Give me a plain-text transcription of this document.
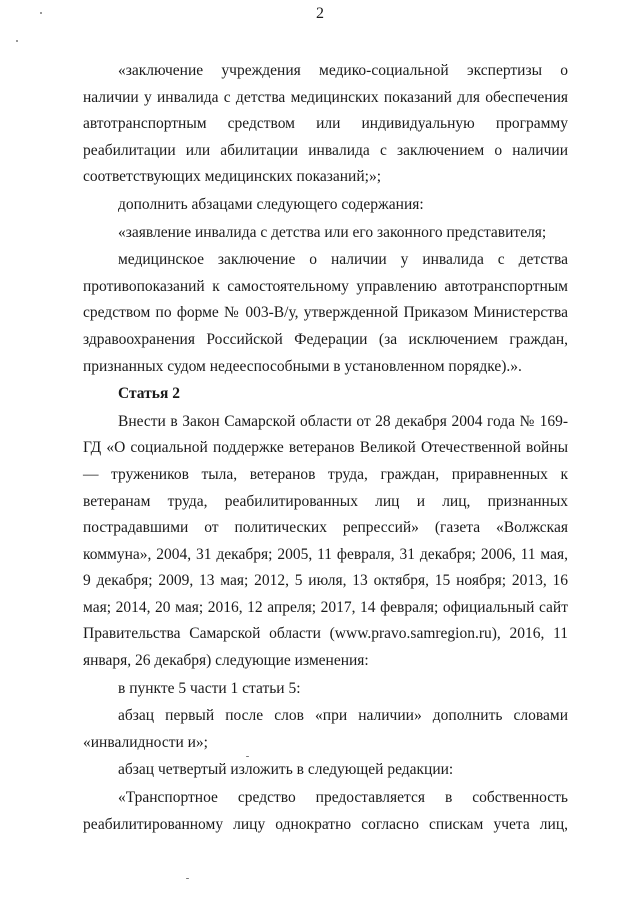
2

«заключение учреждения медико-социальной экспертизы о наличии у инвалида с детства медицинских показаний для обеспечения автотранспортным средством или индивидуальную программу реабилитации или абилитации инвалида с заключением о наличии соответствующих медицинских показаний;»;

дополнить абзацами следующего содержания:

«заявление инвалида с детства или его законного представителя;

медицинское заключение о наличии у инвалида с детства противопоказаний к самостоятельному управлению автотранспортным средством по форме № 003-В/у, утвержденной Приказом Министерства здравоохранения Российской Федерации (за исключением граждан, признанных судом недееспособными в установленном порядке).».

Статья 2

Внести в Закон Самарской области от 28 декабря 2004 года № 169-ГД «О социальной поддержке ветеранов Великой Отечественной войны — тружеников тыла, ветеранов труда, граждан, приравненных к ветеранам труда, реабилитированных лиц и лиц, признанных пострадавшими от политических репрессий» (газета «Волжская коммуна», 2004, 31 декабря; 2005, 11 февраля, 31 декабря; 2006, 11 мая, 9 декабря; 2009, 13 мая; 2012, 5 июля, 13 октября, 15 ноября; 2013, 16 мая; 2014, 20 мая; 2016, 12 апреля; 2017, 14 февраля; официальный сайт Правительства Самарской области (www.pravo.samregion.ru), 2016, 11 января, 26 декабря) следующие изменения:

в пункте 5 части 1 статьи 5:

абзац первый после слов «при наличии» дополнить словами «инвалидности и»;

абзац четвертый изложить в следующей редакции:

«Транспортное средство предоставляется в собственность реабилитированному лицу однократно согласно спискам учета лиц,
